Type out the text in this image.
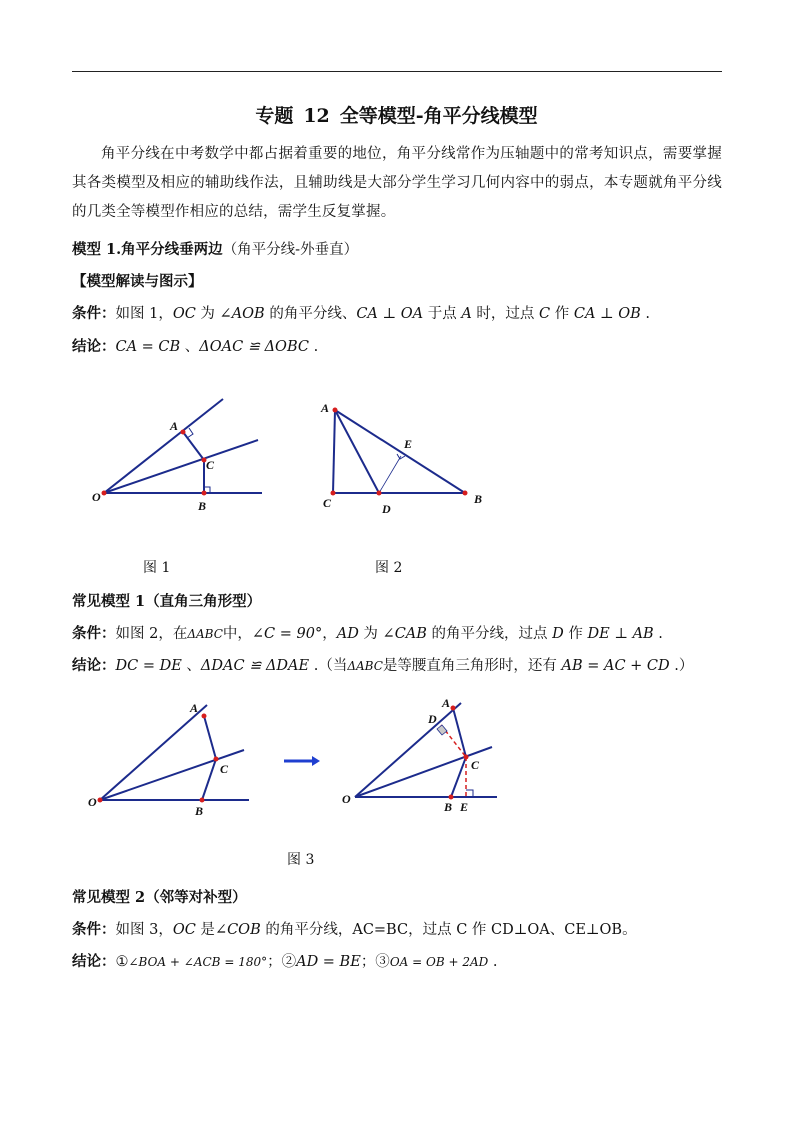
专题 12 全等模型-角平分线模型
角平分线在中考数学中都占据着重要的地位，角平分线常作为压轴题中的常考知识点，需要掌握其各类模型及相应的辅助线作法，且辅助线是大部分学生学习几何内容中的弱点，本专题就角平分线的几类全等模型作相应的总结，需学生反复掌握。
模型 1.角平分线垂两边（角平分线-外垂直）
【模型解读与图示】
条件：如图 1，OC 为 ∠AOB 的角平分线、CA ⊥ OA 于点 A 时，过点 C 作 CA ⊥ OB .
结论：CA = CB 、ΔOAC ≌ ΔOBC .
O
A
C
B
A
E
C	D
B
图 1	图 2
常见模型 1（直角三角形型）
条件：如图 2，在ΔABC中，∠C = 90°，AD 为 ∠CAB 的角平分线，过点 D 作 DE ⊥ AB .
结论：DC = DE 、ΔDAC ≌ ΔDAE .（当ΔABC是等腰直角三角形时，还有 AB = AC + CD .）
A
O
C
B
A
D
O
C
B E
图 3
常见模型 2（邻等对补型）
条件：如图 3，OC 是∠COB 的角平分线，AC=BC，过点 C 作 CD⊥OA、CE⊥OB。
结论：①∠BOA + ∠ACB = 180°；②AD = BE；③OA = OB + 2AD .
